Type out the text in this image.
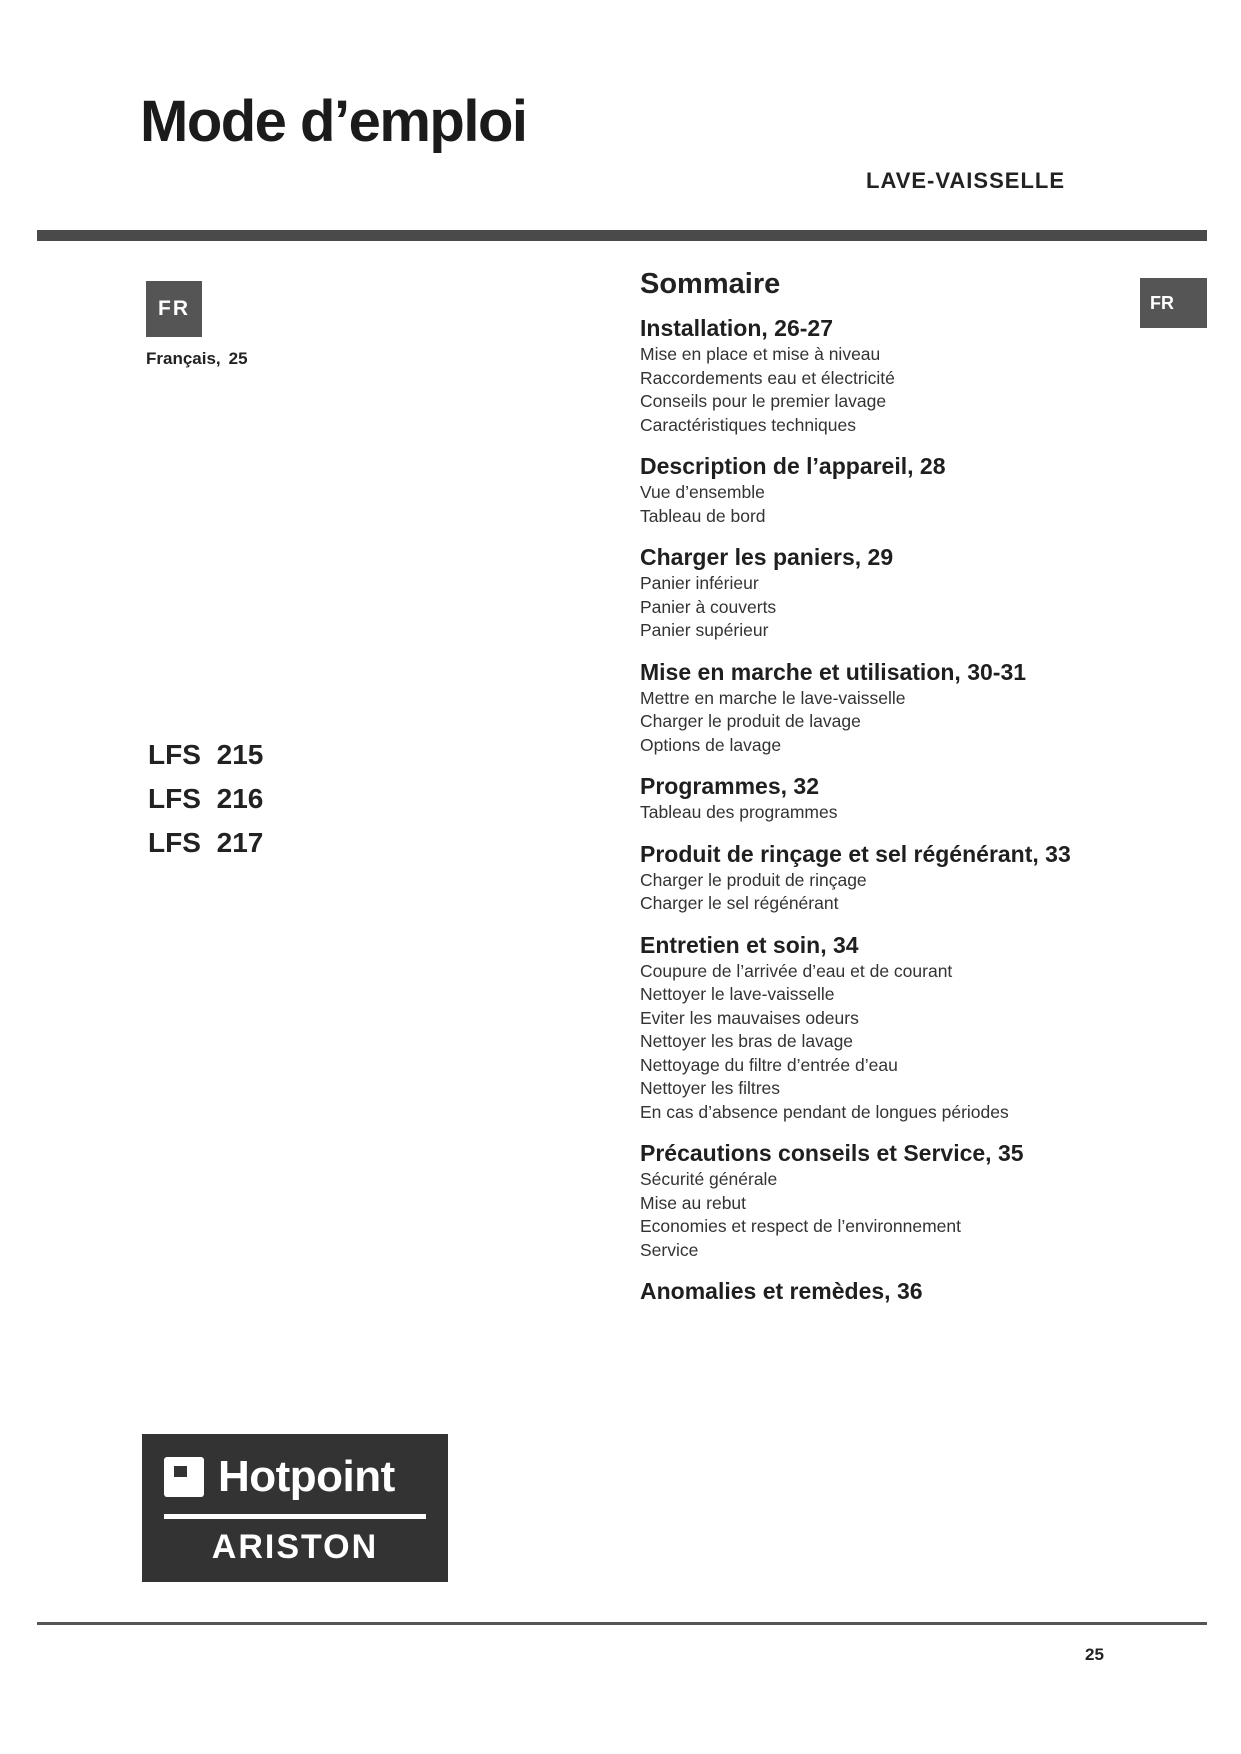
Mode d’emploi
LAVE-VAISSELLE
FR
Français, 25
LFS 215
LFS 216
LFS 217
FR
Sommaire
Installation, 26-27
Mise en place et mise à niveau
Raccordements eau et électricité
Conseils pour le premier lavage
Caractéristiques techniques
Description de l’appareil, 28
Vue d’ensemble
Tableau de bord
Charger les paniers, 29
Panier inférieur
Panier à couverts
Panier supérieur
Mise en marche et utilisation, 30-31
Mettre en marche le lave-vaisselle
Charger le produit de lavage
Options de lavage
Programmes, 32
Tableau des programmes
Produit de rinçage et sel régénérant, 33
Charger le produit de rinçage
Charger le sel régénérant
Entretien et soin, 34
Coupure de l’arrivée d’eau et de courant
Nettoyer le lave-vaisselle
Eviter les mauvaises odeurs
Nettoyer les bras de lavage
Nettoyage du filtre d’entrée d’eau
Nettoyer les filtres
En cas d’absence pendant de longues périodes
Précautions conseils et Service, 35
Sécurité générale
Mise au rebut
Economies et respect de l’environnement
Service
Anomalies et remèdes, 36
Hotpoint
ARISTON
25
